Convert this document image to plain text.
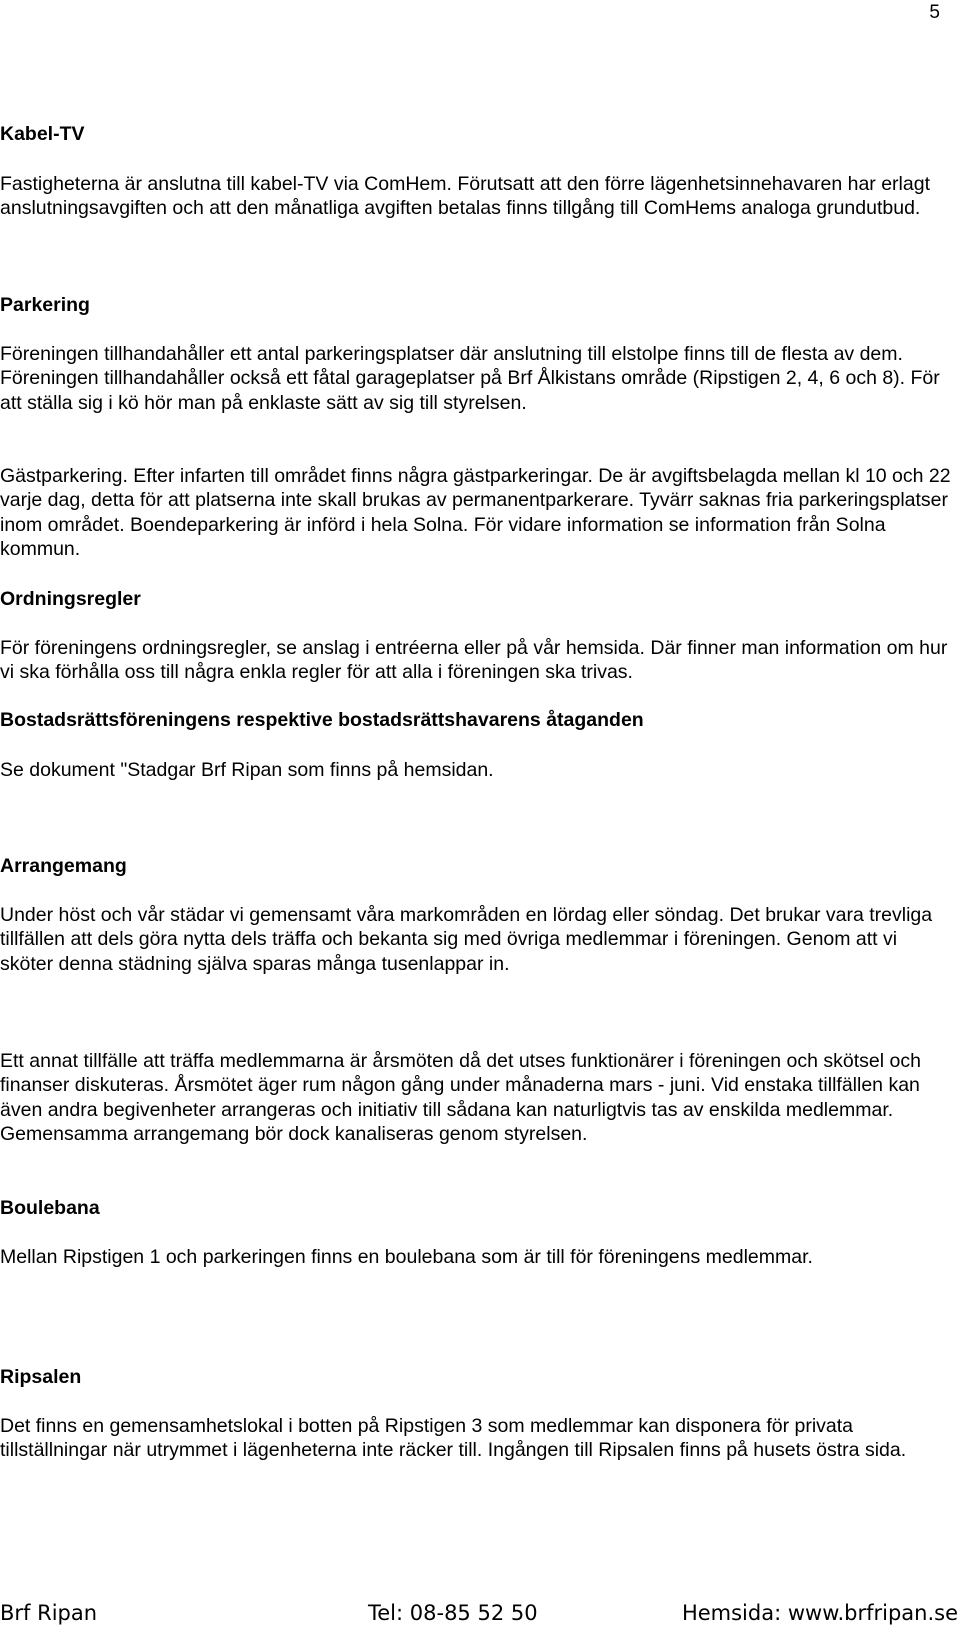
5
Kabel-TV

Fastigheterna är anslutna till kabel-TV via ComHem. Förutsatt att den förre lägenhetsinnehavaren har erlagt anslutningsavgiften och att den månatliga avgiften betalas finns tillgång till ComHems analoga grundutbud.

Parkering

Föreningen tillhandahåller ett antal parkeringsplatser där anslutning till elstolpe finns till de flesta av dem. Föreningen tillhandahåller också ett fåtal garageplatser på Brf Ålkistans område (Ripstigen 2, 4, 6 och 8). För att ställa sig i kö hör man på enklaste sätt av sig till styrelsen.

Gästparkering. Efter infarten till området finns några gästparkeringar. De är avgiftsbelagda mellan kl 10 och 22 varje dag, detta för att platserna inte skall brukas av permanentparkerare. Tyvärr saknas fria parkeringsplatser inom området. Boendeparkering är införd i hela Solna. För vidare information se information från Solna kommun.

Ordningsregler

För föreningens ordningsregler, se anslag i entréerna eller på vår hemsida. Där finner man information om hur vi ska förhålla oss till några enkla regler för att alla i föreningen ska trivas.

Bostadsrättsföreningens respektive bostadsrättshavarens åtaganden

Se dokument "Stadgar Brf Ripan som finns på hemsidan.

Arrangemang

Under höst och vår städar vi gemensamt våra markområden en lördag eller söndag. Det brukar vara trevliga tillfällen att dels göra nytta dels träffa och bekanta sig med övriga medlemmar i föreningen. Genom att vi sköter denna städning själva sparas många tusenlappar in.

Ett annat tillfälle att träffa medlemmarna är årsmöten då det utses funktionärer i föreningen och skötsel och finanser diskuteras. Årsmötet äger rum någon gång under månaderna mars - juni. Vid enstaka tillfällen kan även andra begivenheter arrangeras och initiativ till sådana kan naturligtvis tas av enskilda medlemmar. Gemensamma arrangemang bör dock kanaliseras genom styrelsen.

Boulebana

Mellan Ripstigen 1 och parkeringen finns en boulebana som är till för föreningens medlemmar.

Ripsalen

Det finns en gemensamhetslokal i botten på Ripstigen 3 som medlemmar kan disponera för privata tillställningar när utrymmet i lägenheterna inte räcker till. Ingången till Ripsalen finns på husets östra sida.

Brf Ripan	Tel: 08-85 52 50	Hemsida: www.brfripan.se
